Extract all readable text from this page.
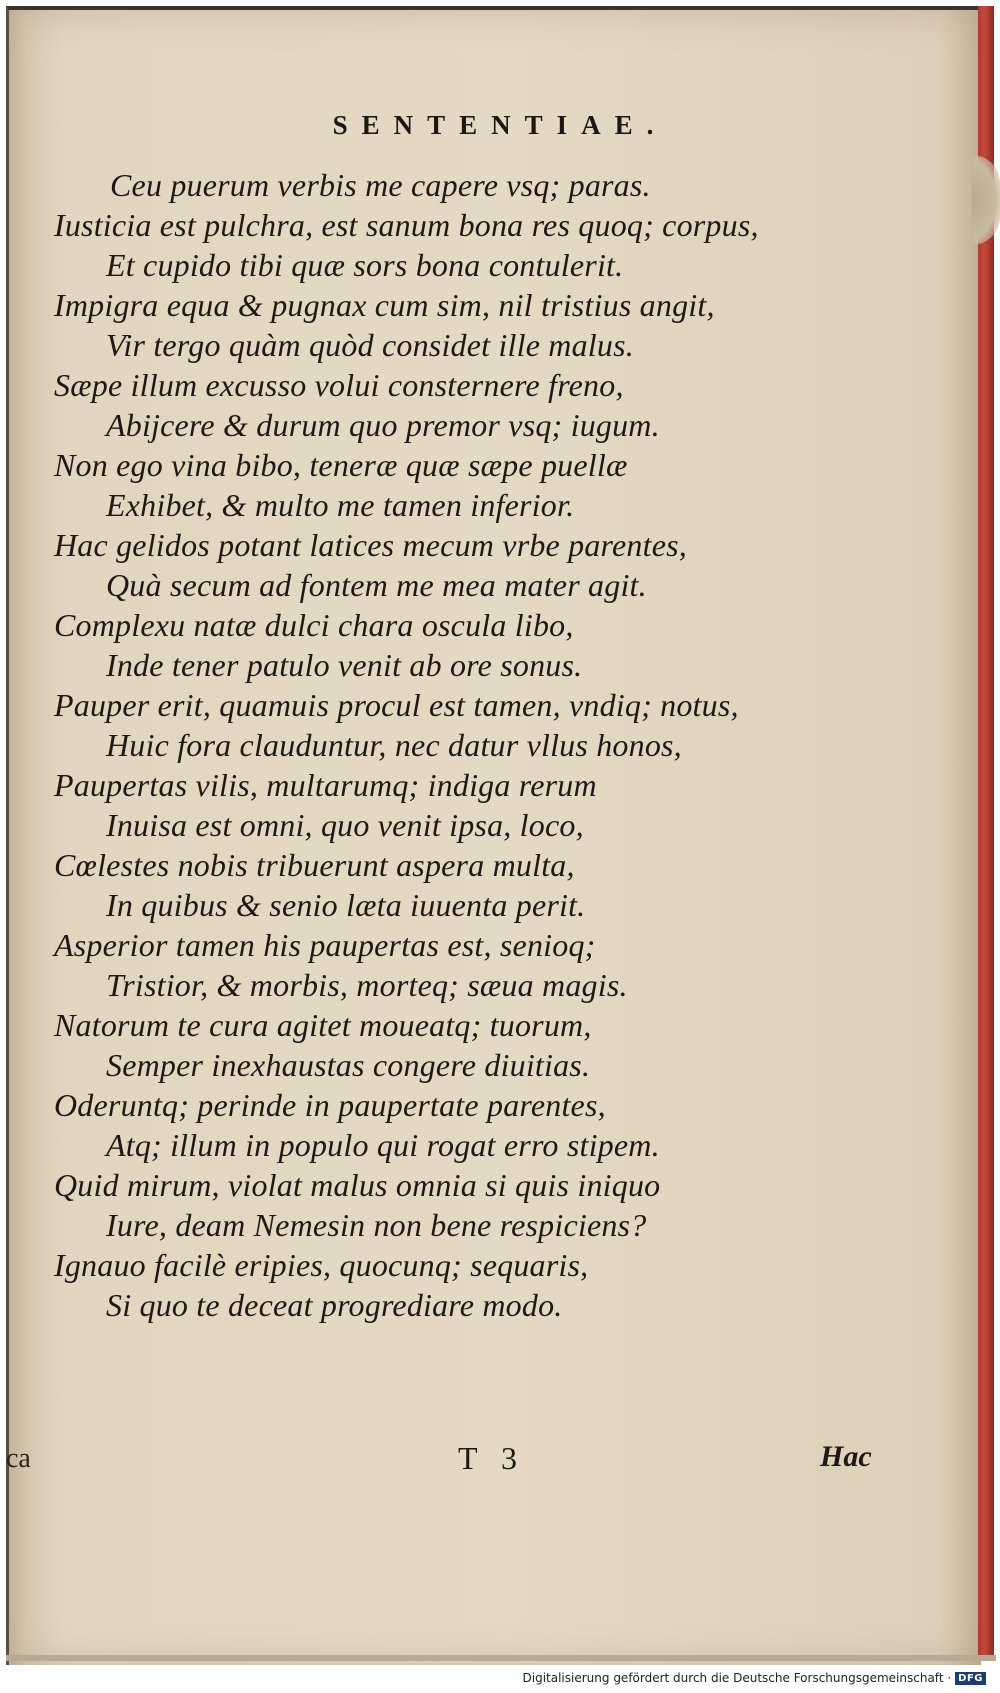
SENTENTIAE.
Ceu puerum verbis me capere vsq; paras.
Iusticia est pulchra, est sanum bona res quoq; corpus,
Et cupido tibi quæ sors bona contulerit.
Impigra equa & pugnax cum sim, nil tristius angit,
Vir tergo quàm quòd considet ille malus.
Sæpe illum excusso volui consternere freno,
Abijcere & durum quo premor vsq; iugum.
Non ego vina bibo, teneræ quæ sæpe puellæ
Exhibet, & multo me tamen inferior.
Hac gelidos potant latices mecum vrbe parentes,
Quà secum ad fontem me mea mater agit.
Complexu natæ dulci chara oscula libo,
Inde tener patulo venit ab ore sonus.
Pauper erit, quamuis procul est tamen, vndiq; notus,
Huic fora clauduntur, nec datur vllus honos,
Paupertas vilis, multarumq; indiga rerum
Inuisa est omni, quo venit ipsa, loco,
Cœlestes nobis tribuerunt aspera multa,
In quibus & senio læta iuuenta perit.
Asperior tamen his paupertas est, senioq;
Tristior, & morbis, morteq; sæua magis.
Natorum te cura agitet moueatq; tuorum,
Semper inexhaustas congere diuitias.
Oderuntq; perinde in paupertate parentes,
Atq; illum in populo qui rogat erro stipem.
Quid mirum, violat malus omnia si quis iniquo
Iure, deam Nemesin non bene respiciens?
Ignauo facilè eripies, quocunq; sequaris,
Si quo te deceat progrediare modo.
ca	T 3	Hac
Digitalisierung gefördert durch die Deutsche Forschungsgemeinschaft · DFG
